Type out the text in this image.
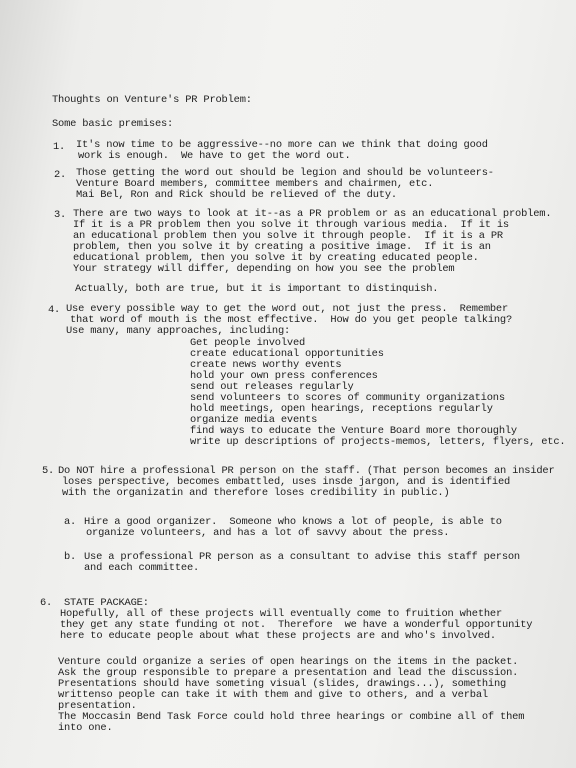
Thoughts on Venture's PR Problem:
Some basic premises:
1. It's now time to be aggressive--no more can we think that doing good
work is enough.  We have to get the word out.
2. Those getting the word out should be legion and should be volunteers-
Venture Board members, committee members and chairmen, etc.
Mai Bel, Ron and Rick should be relieved of the duty.
3. There are two ways to look at it--as a PR problem or as an educational problem.
If it is a PR problem then you solve it through various media.  If it is
an educational problem then you solve it through people.  If it is a PR
problem, then you solve it by creating a positive image.  If it is an
educational problem, then you solve it by creating educated people.
Your strategy will differ, depending on how you see the problem
Actually, both are true, but it is important to distinquish.
4. Use every possible way to get the word out, not just the press.  Remember
that word of mouth is the most effective.  How do you get people talking?
Use many, many approaches, including:
Get people involved
create educational opportunities
create news worthy events
hold your own press conferences
send out releases regularly
send volunteers to scores of community organizations
hold meetings, open hearings, receptions regularly
organize media events
find ways to educate the Venture Board more thoroughly
write up descriptions of projects-memos, letters, flyers, etc.
5. Do NOT hire a professional PR person on the staff. (That person becomes an insider
loses perspective, becomes embattled, uses insde jargon, and is identified
with the organizatin and therefore loses credibility in public.)
a. Hire a good organizer.  Someone who knows a lot of people, is able to
organize volunteers, and has a lot of savvy about the press.
b. Use a professional PR person as a consultant to advise this staff person
and each committee.
6. STATE PACKAGE:
Hopefully, all of these projects will eventually come to fruition whether
they get any state funding ot not.  Therefore  we have a wonderful opportunity
here to educate people about what these projects are and who's involved.
Venture could organize a series of open hearings on the items in the packet.
Ask the group responsible to prepare a presentation and lead the discussion.
Presentations should have someting visual (slides, drawings...), something
writtenso people can take it with them and give to others, and a verbal
presentation.
The Moccasin Bend Task Force could hold three hearings or combine all of them
into one.
